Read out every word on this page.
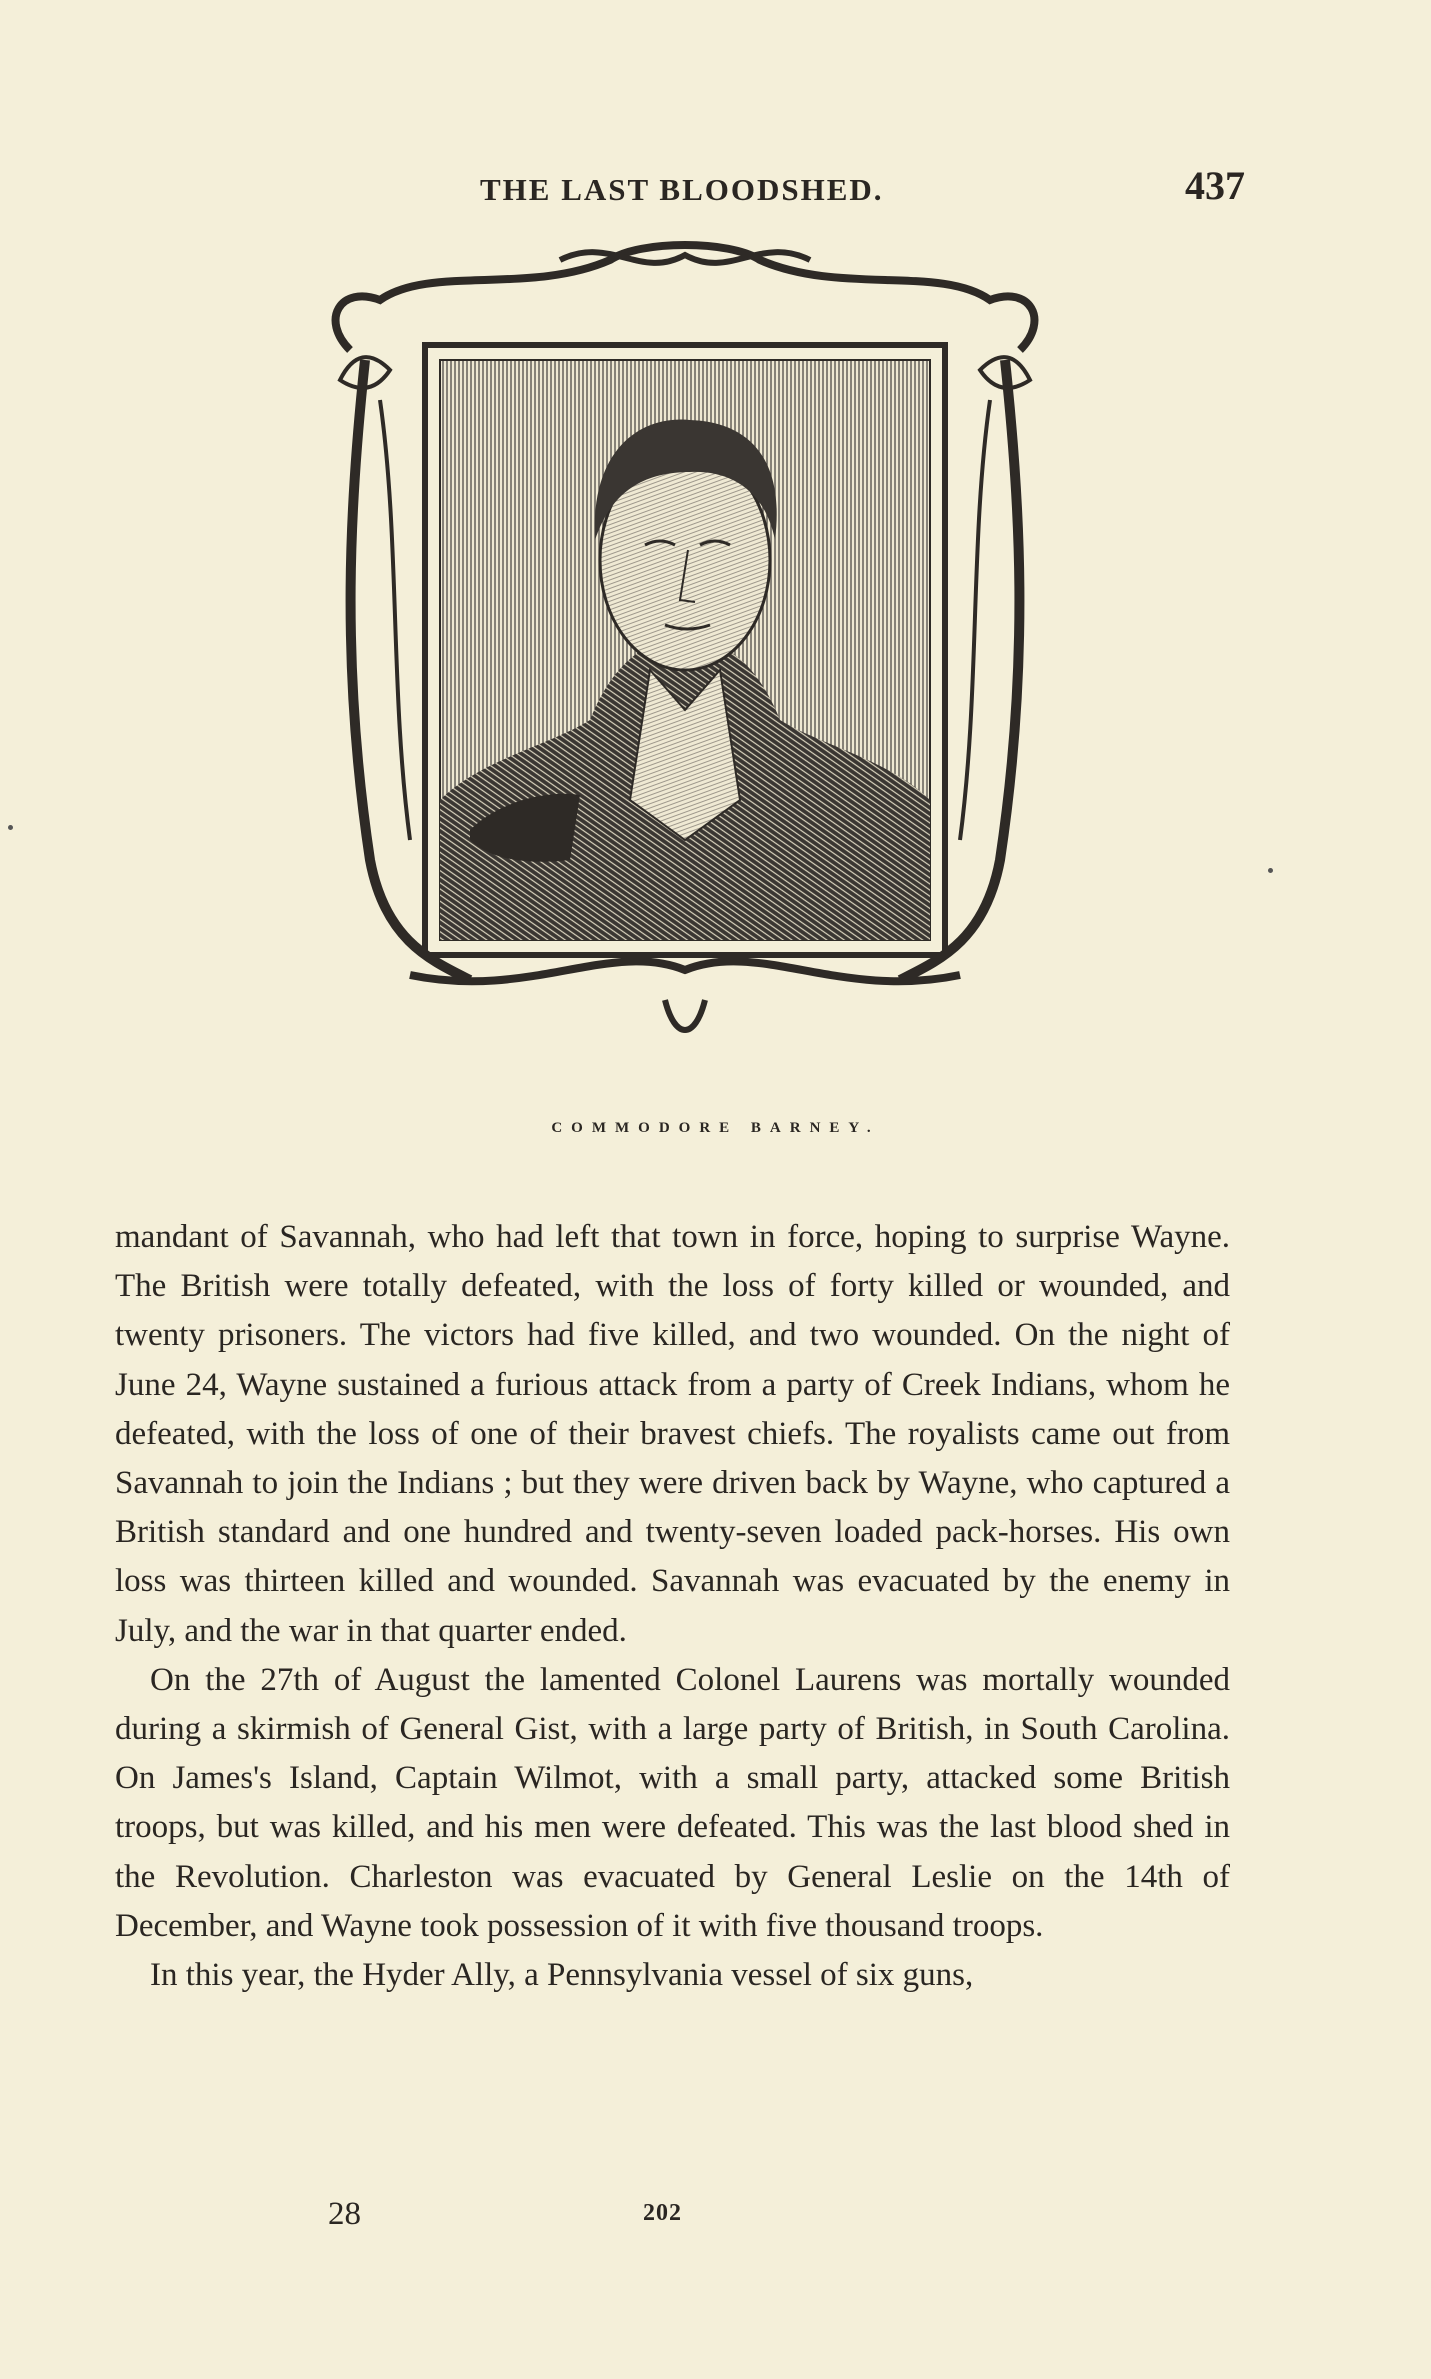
THE LAST BLOODSHED.	437
COMMODORE BARNEY.

mandant of Savannah, who had left that town in force, hoping to surprise Wayne. The British were totally defeated, with the loss of forty killed or wounded, and twenty prisoners. The victors had five killed, and two wounded. On the night of June 24, Wayne sustained a furious attack from a party of Creek Indians, whom he defeated, with the loss of one of their bravest chiefs. The royalists came out from Savannah to join the Indians ; but they were driven back by Wayne, who captured a British standard and one hundred and twenty-seven loaded pack-horses. His own loss was thirteen killed and wounded. Savannah was evacuated by the enemy in July, and the war in that quarter ended.

On the 27th of August the lamented Colonel Laurens was mortally wounded during a skirmish of General Gist, with a large party of British, in South Carolina. On James's Island, Captain Wilmot, with a small party, attacked some British troops, but was killed, and his men were defeated. This was the last blood shed in the Revolution. Charleston was evacuated by General Leslie on the 14th of December, and Wayne took possession of it with five thousand troops.

In this year, the Hyder Ally, a Pennsylvania vessel of six guns,

28	202
